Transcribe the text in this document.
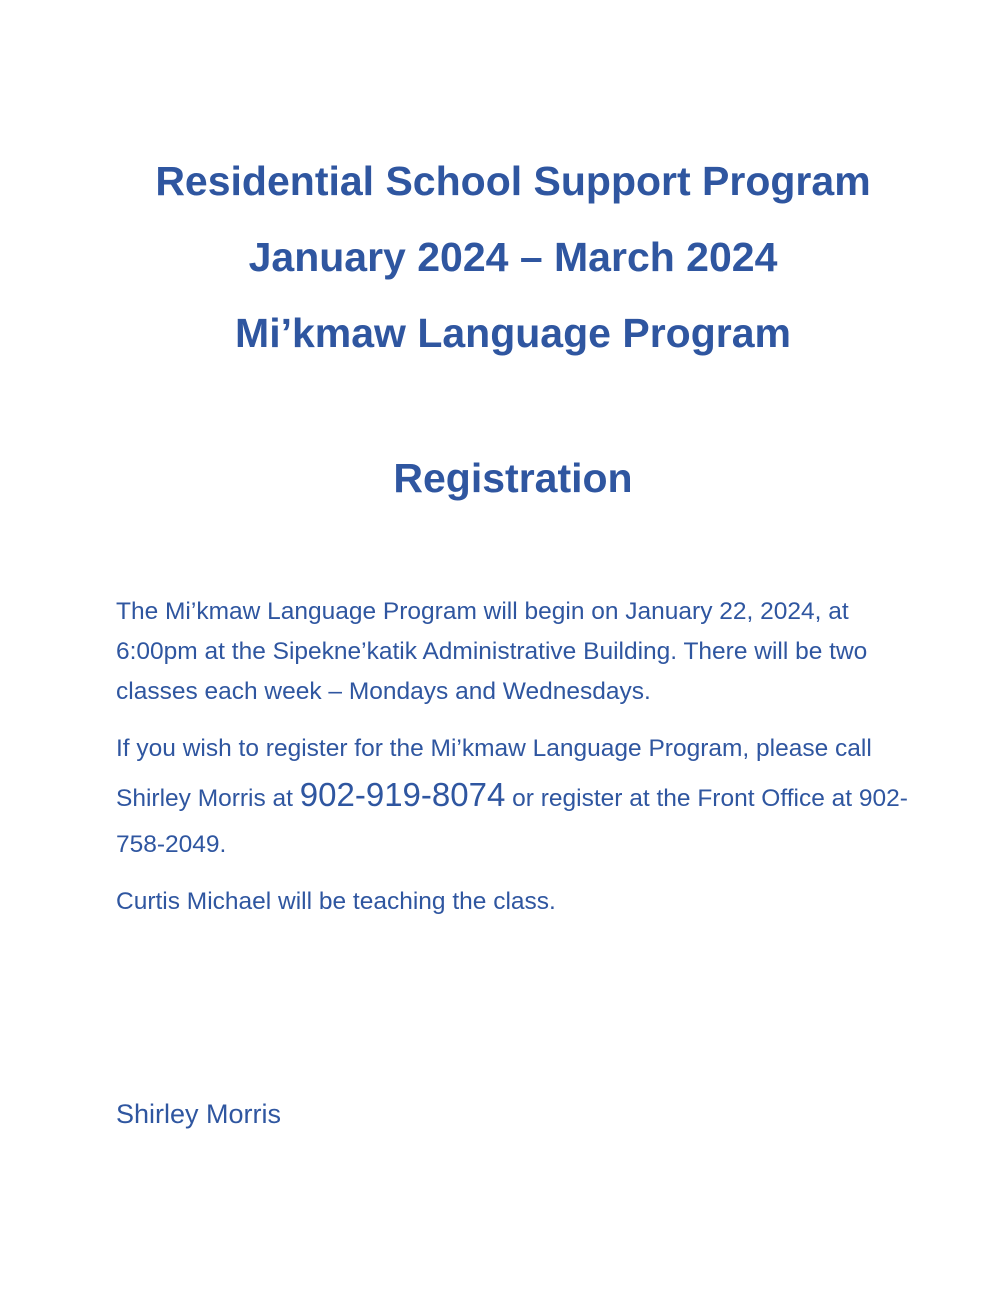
Residential School Support Program
January 2024 – March 2024
Mi’kmaw Language Program
Registration

The Mi’kmaw Language Program will begin on January 22, 2024, at 6:00pm at the Sipekne’katik Administrative Building. There will be two classes each week – Mondays and Wednesdays.

If you wish to register for the Mi’kmaw Language Program, please call Shirley Morris at 902-919-8074 or register at the Front Office at 902-758-2049.

Curtis Michael will be teaching the class.

Shirley Morris
